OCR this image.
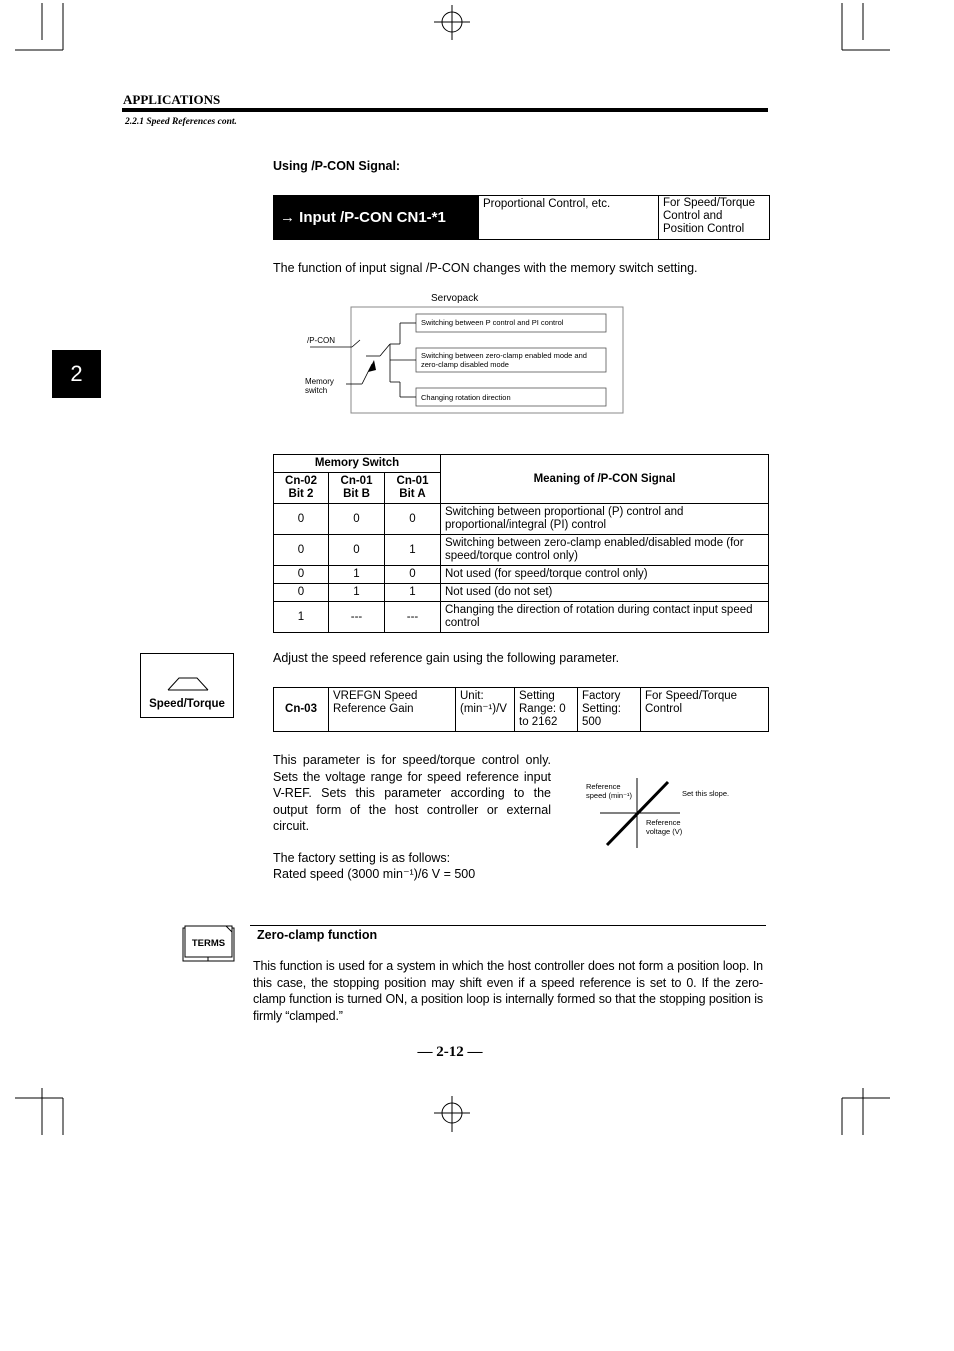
APPLICATIONS
2.2.1 Speed References cont.
2
Using /P-CON Signal:
→ Input /P-CON CN1-*1
Proportional Control, etc.	For Speed/Torque Control and Position Control
The function of input signal /P-CON changes with the memory switch setting.
Servopack
/P-CON
Memory switch
Switching between P control and PI control
Switching between zero-clamp enabled mode and zero-clamp disabled mode
Changing rotation direction
Memory Switch			Meaning of /P-CON Signal
Cn-02 Bit 2	Cn-01 Bit B	Cn-01 Bit A	
0	0	0	Switching between proportional (P) control and proportional/integral (PI) control
0	0	1	Switching between zero-clamp enabled/disabled mode (for speed/torque control only)
0	1	0	Not used (for speed/torque control only)
0	1	1	Not used (do not set)
1	---	---	Changing the direction of rotation during contact input speed control
Speed/Torque
Adjust the speed reference gain using the following parameter.
Cn-03	VREFGN Speed Reference Gain	Unit: (min⁻¹)/V	Setting Range: 0 to 2162	Factory Setting: 500	For Speed/Torque Control

This parameter is for speed/torque control only. Sets the voltage range for speed reference input V-REF. Sets this parameter according to the output form of the host controller or external circuit.

The factory setting is as follows:

Rated speed (3000 min⁻¹)/6 V = 500

Reference speed (min⁻¹)	Set this slope.
Reference voltage (V)
TERMS
Zero-clamp function
This function is used for a system in which the host controller does not form a position loop. In this case, the stopping position may shift even if a speed reference is set to 0. If the zero-clamp function is turned ON, a position loop is internally formed so that the stopping position is firmly “clamped.”
— 2-12 —
